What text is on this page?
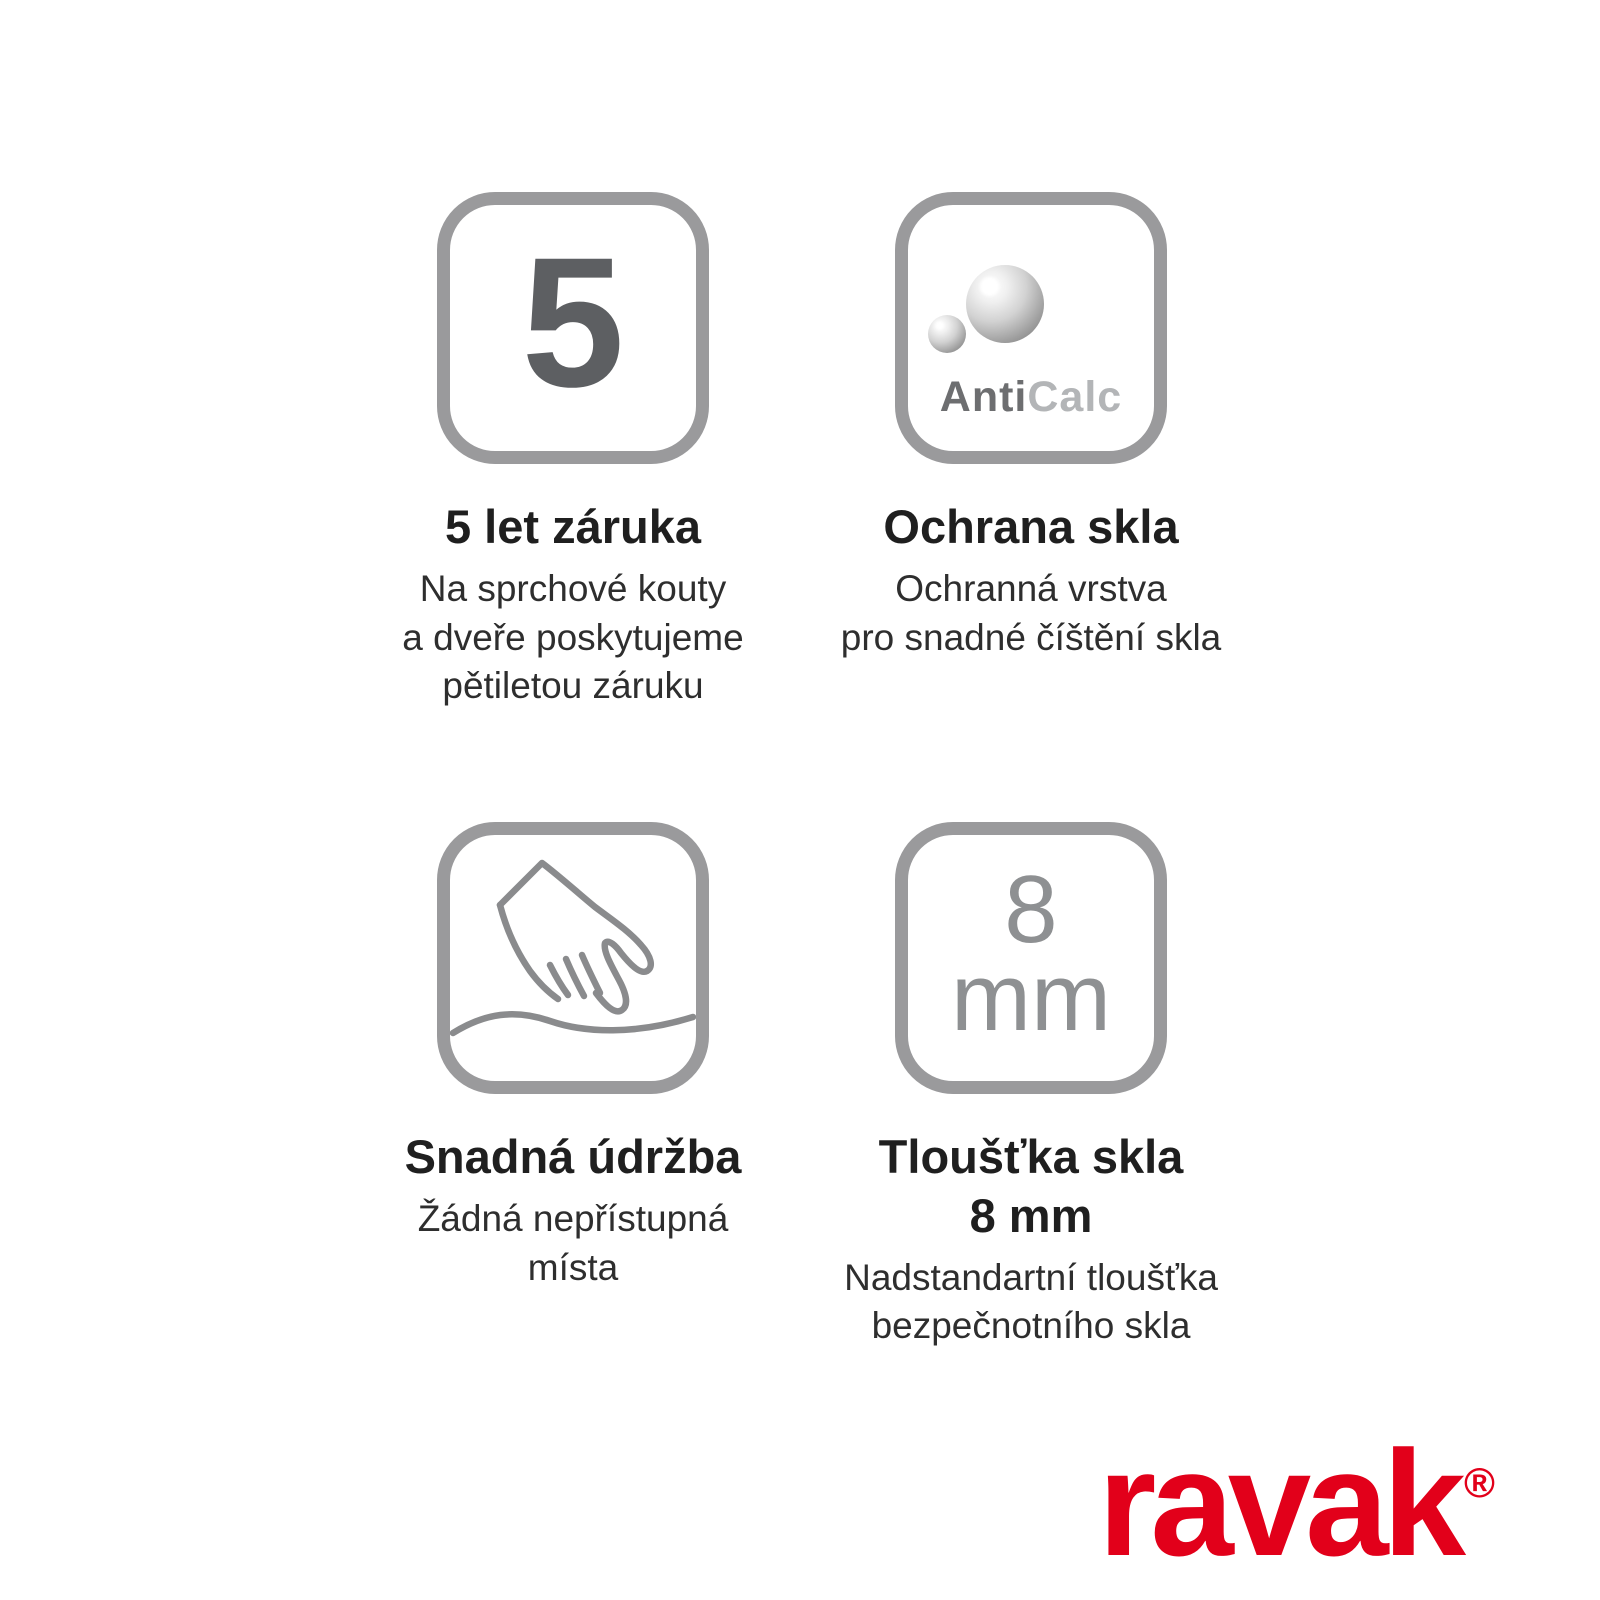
5
5 let záruka
Na sprchové kouty
a dveře poskytujeme
pětiletou záruku
AntiCalc
Ochrana skla
Ochranná vrstva
pro snadné číštění skla
Snadná údržba
Žádná nepřístupná
místa
8
mm
Tloušťka skla
8 mm
Nadstandartní tloušťka
bezpečnotního skla
ravak®
